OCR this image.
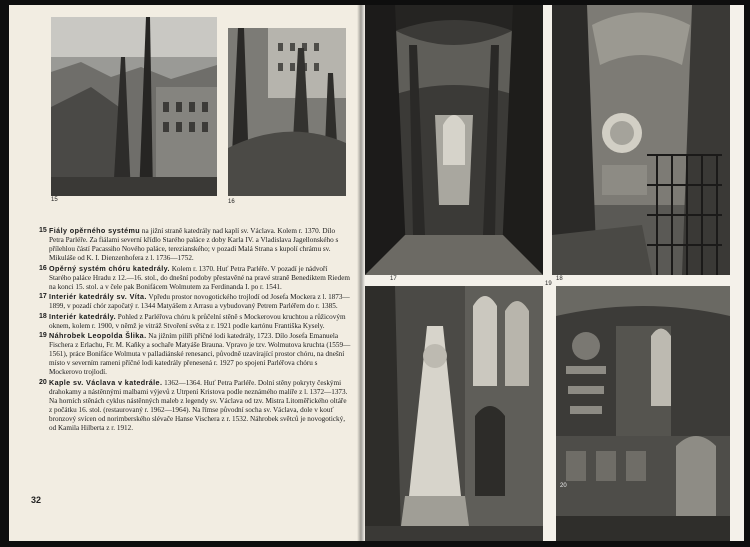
15	16
15 Fiály opěrného systému na jižní straně katedrály nad kaplí sv. Václava. Kolem r. 1370. Dílo Petra Parléře. Za fiálami severní křídlo Starého paláce z doby Karla IV. a Vladislava Jagellonského s přílehlou částí Pacassiho Nového paláce, terezianského; v pozadí Malá Strana s kupolí chrámu sv. Mikuláše od K. I. Dienzenhofera z l. 1736—1752.
16 Opěrný systém chóru katedrály. Kolem r. 1370. Huť Petra Parléře. V pozadí je nádvoří Starého paláce Hradu z 12.—16. stol., do dnešní podoby přestavěné na pravé straně Benediktem Riedem na konci 15. stol. a v čele pak Bonifácem Wolmutem za Ferdinanda I. po r. 1541.
17 Interiér katedrály sv. Víta. Vpředu prostor novogotického trojlodí od Josefa Mockera z l. 1873—1899, v pozadí chór započatý r. 1344 Matyášem z Arrasu a vybudovaný Petrem Parléřem do r. 1385.
18 Interiér katedrály. Pohled z Parléřova chóru k průčelní stěně s Mockerovou kruchtou a růžicovým oknem, kolem r. 1900, v němž je vitráž Stvoření světa z r. 1921 podle kartónu Františka Kysely.
19 Náhrobek Leopolda Šlika. Na jižním pilíři příčné lodi katedrály, 1723. Dílo Josefa Emanuela Fischera z Erlachu, Fr. M. Kaňky a sochaře Matyáše Brauna. Vpravo je tzv. Wolmutova kruchta (1559—1561), práce Bonifáce Wolmuta v palladiánské renesanci, původně uzavírající prostor chóru, na dnešní místo v severním rameni příčné lodi katedrály přenesená r. 1927 po spojení Parléřova chóru s Mockerovo trojlodí.
20 Kaple sv. Václava v katedrále. 1362—1364. Huť Petra Parléře. Dolní stěny pokryty českými drahokamy a nástěnnými malbami výjevů z Utrpení Kristova podle neznámého malíře z l. 1372—1373. Na horních stěnách cyklus nástěnných maleb z legendy sv. Václava od tzv. Mistra Litoměřického oltáře z počátku 16. stol. (restaurovaný r. 1962—1964). Na římse původní socha sv. Václava, dole v kouť bronzový svícen od norimberského slévače Hanse Vischera z r. 1532. Náhrobek světců je novogotický, od Kamila Hilberta z r. 1912.
32
17	18
19
20
